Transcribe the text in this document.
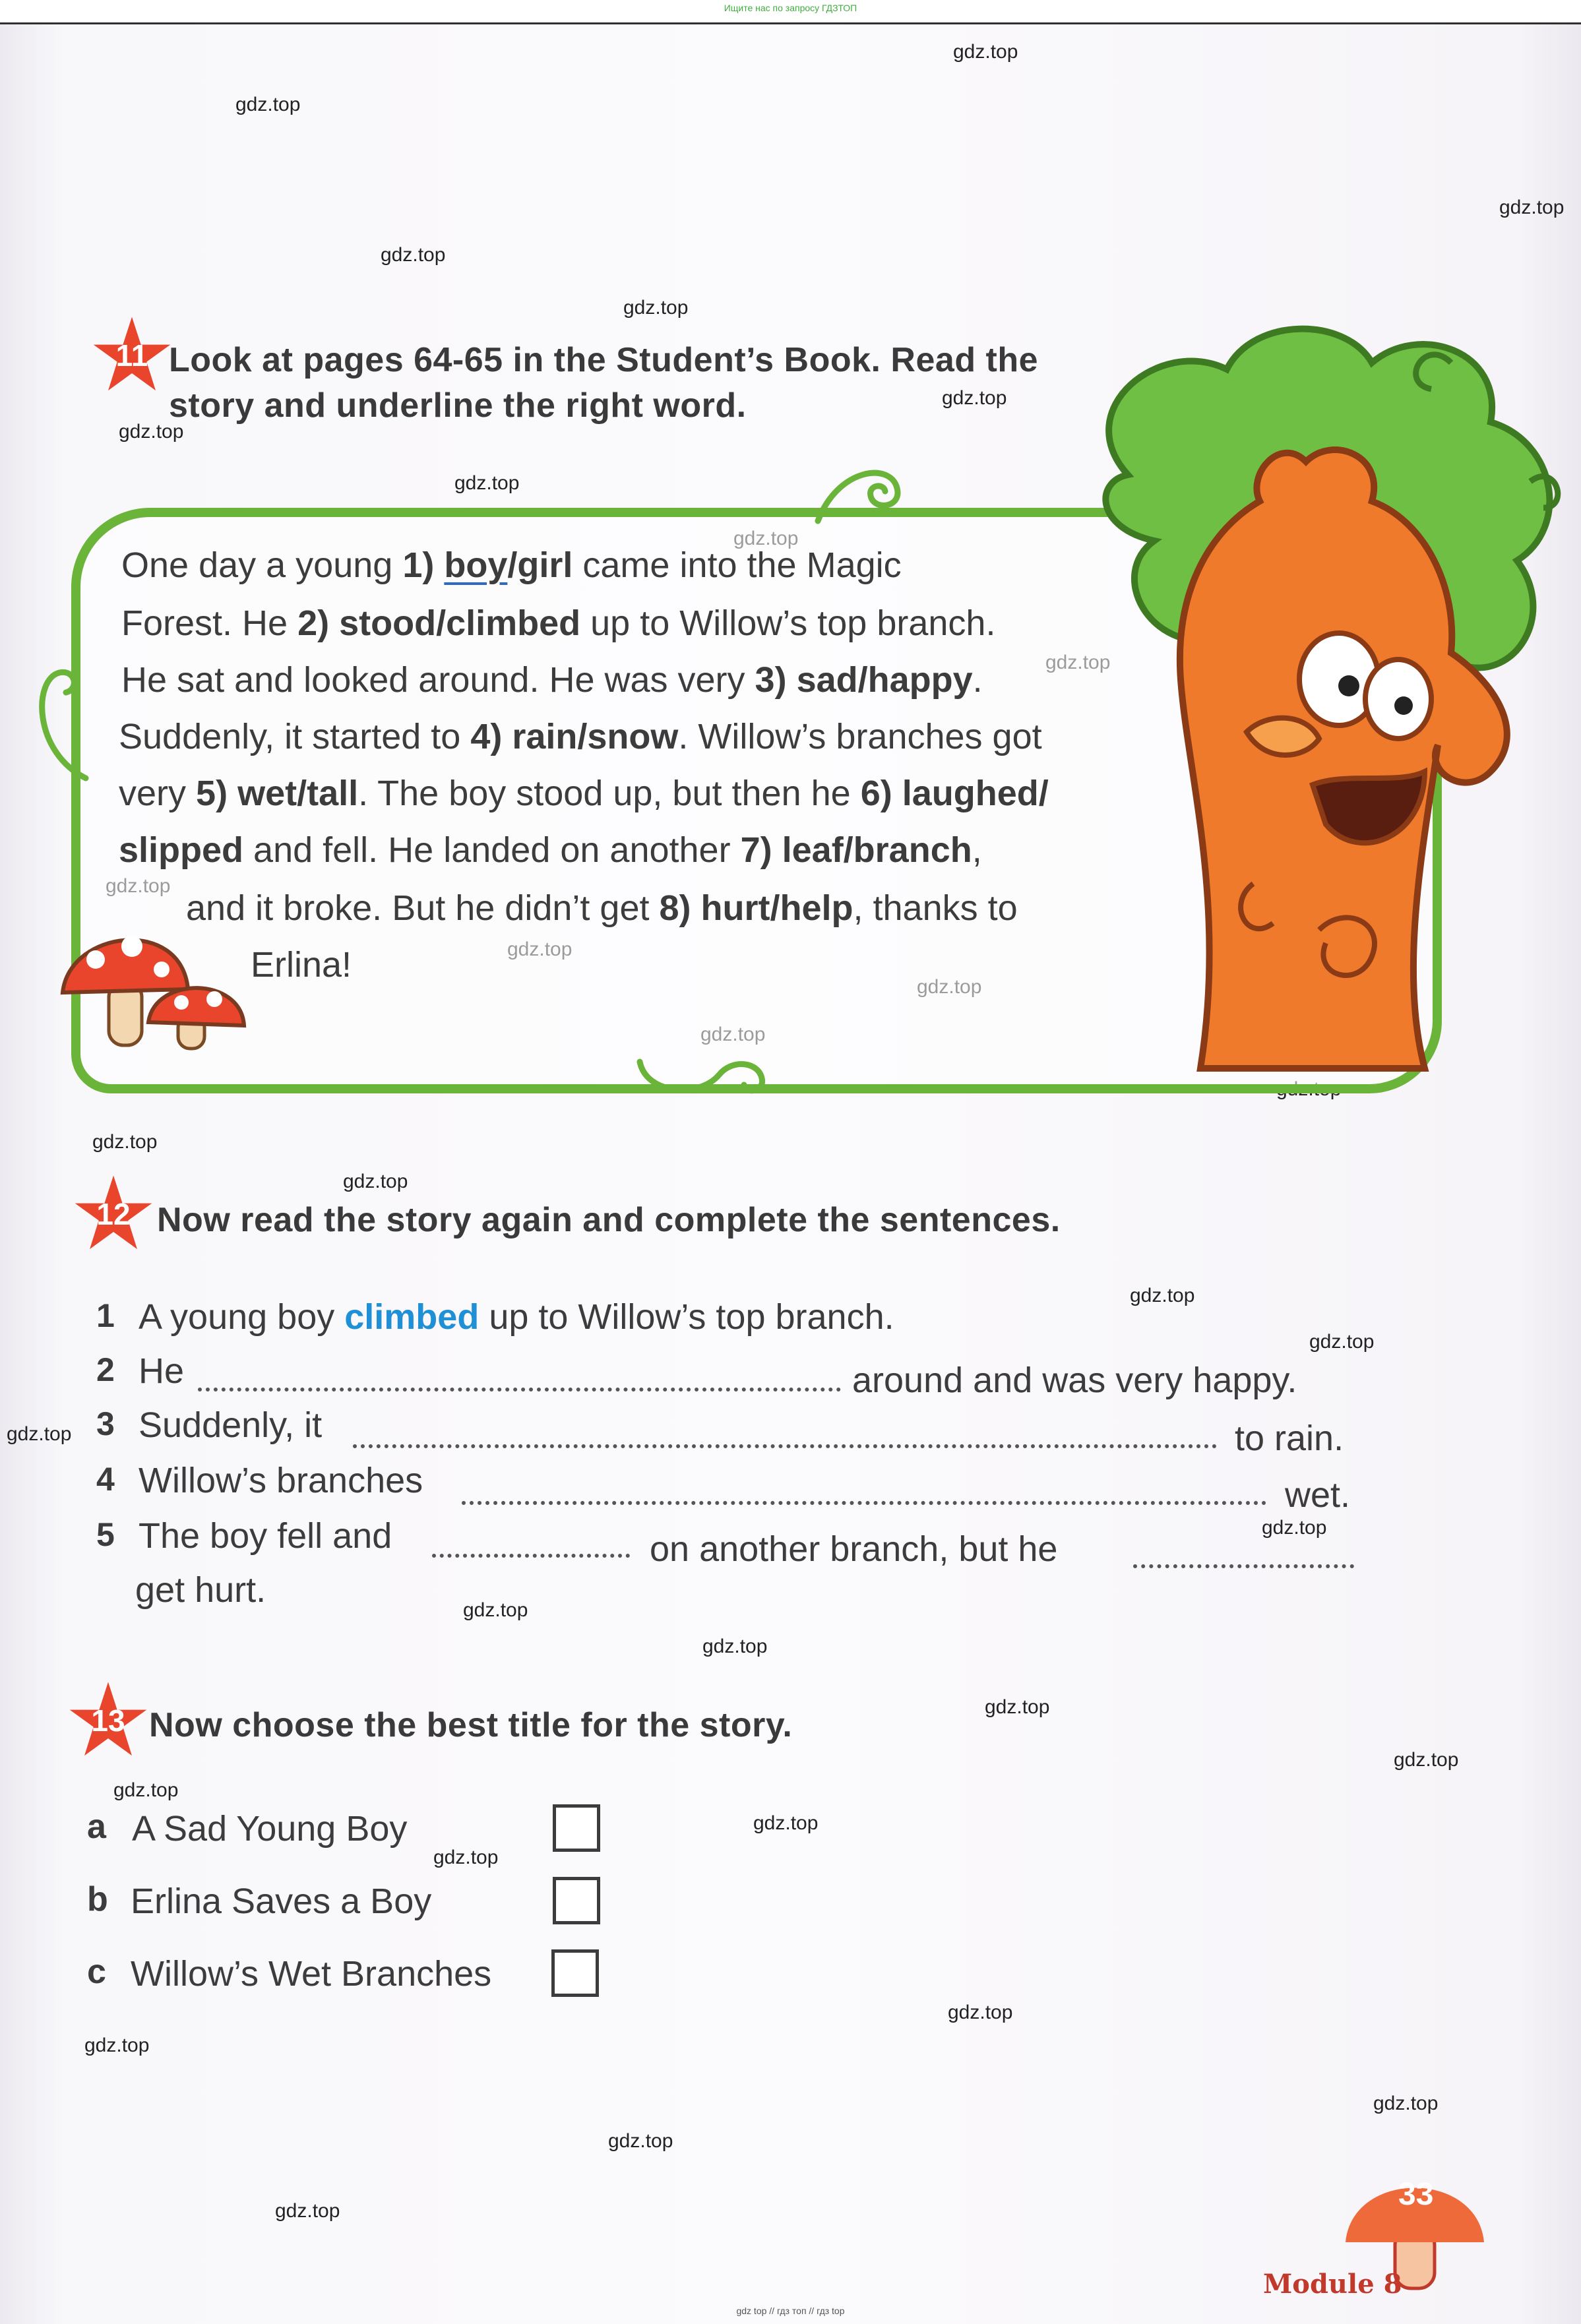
Ищите нас по запросу ГДЗТОП
gdz.top
gdz.top
gdz.top
gdz.top
gdz.top
gdz.top
gdz.top
gdz.top
gdz.top
gdz.top
gdz.top
gdz.top
gdz.top
gdz.top
gdz.top
gdz.top
gdz.top
gdz.top
gdz.top
gdz.top
gdz.top
gdz.top
gdz.top
gdz.top
gdz.top
gdz.top
11 Look at pages 64-65 in the Student’s Book. Read the
story and underline the right word.
One day a young 1) boy/girl came into the Magic
Forest. He 2) stood/climbed up to Willow’s top branch.
He sat and looked around. He was very 3) sad/happy.
Suddenly, it started to 4) rain/snow. Willow’s branches got
very 5) wet/tall. The boy stood up, but then he 6) laughed/
slipped and fell. He landed on another 7) leaf/branch,
and it broke. But he didn’t get 8) hurt/help, thanks to
Erlina!
12 Now read the story again and complete the sentences.
1 A young boy climbed up to Willow’s top branch.
2 He	around and was very happy.
3 Suddenly, it	to rain.
4 Willow’s branches	wet.
5 The boy fell and	on another branch, but he
get hurt.
13 Now choose the best title for the story.
a A Sad Young Boy
b Erlina Saves a Boy
c Willow’s Wet Branches
33
Module 8
gdz top // гдз топ // гдз top
